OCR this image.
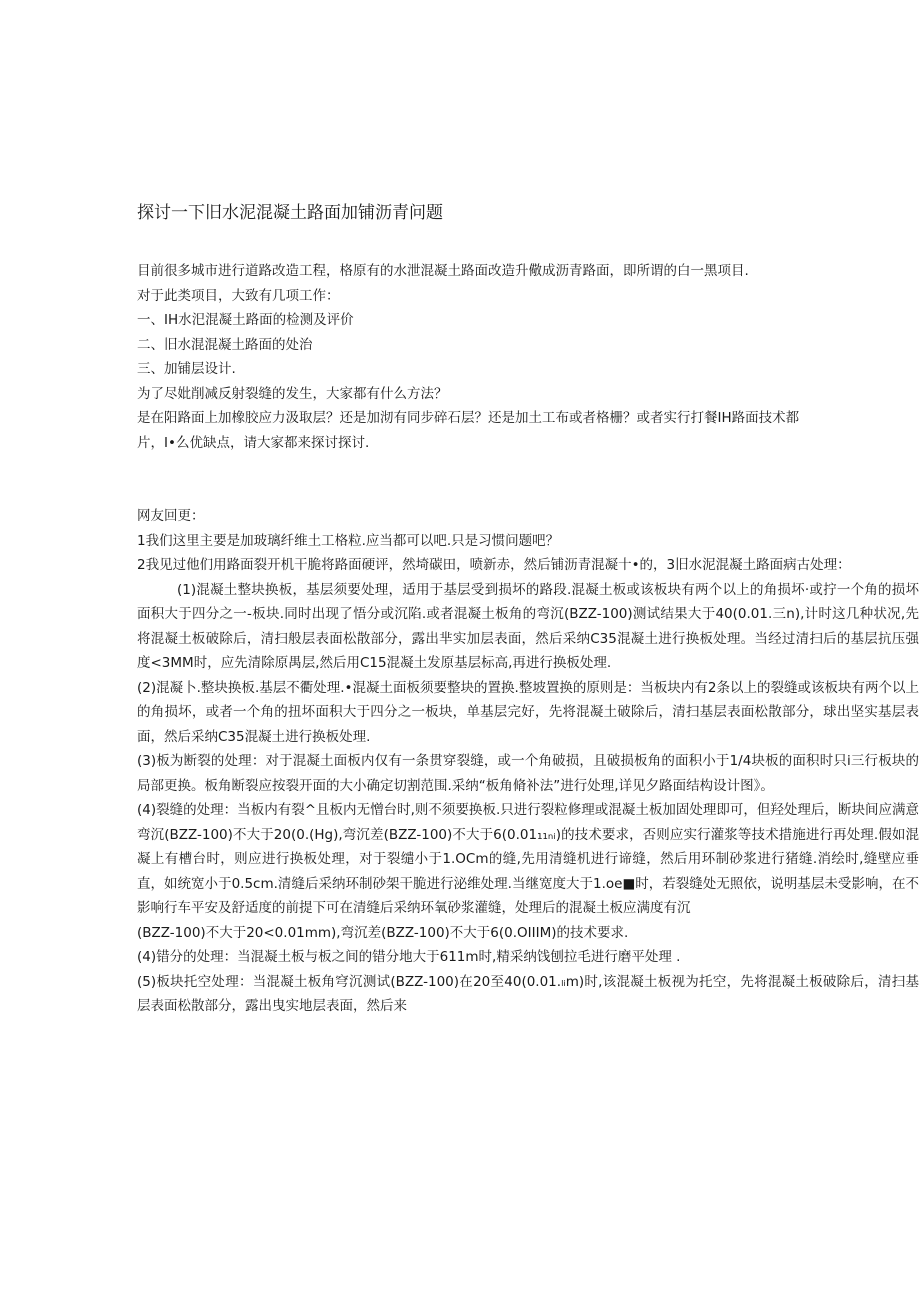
探讨一下旧水泥混凝土路面加铺沥青问题

目前很多城市进行道路改造工程，格原有的水泄混凝土路面改造升儆成沥青路面，即所谓的白一黑项目.

对于此类项目，大致有几项工作：

一、IH水汜混凝土路面的检测及评价

二、旧水混混凝土路面的处治

三、加铺层设计.

为了尽妣削减反射裂缝的发生，大家都有什么方法？

是在阳路面上加橡胶应力汲取层？还是加沏有同步碎石层？还是加土工布或者格栅？或者实行打餐IH路面技术都

片，I•么优缺点，请大家都来探讨探讨.

网友回更：

1我们这里主要是加玻璃纤维土工格粒.应当都可以吧.只是习惯问题吧？

2我见过他们用路面裂开机干脆将路面硬评，然埼碳田，喷新赤，然后铺沥青混凝十•的，3旧水泥混凝土路面病古处理：

(1)混凝土整块换板，基层须要处理，适用于基层受到损坏的路段.混凝土板或该板块有两个以上的角损坏·或拧一个角的损坏面积大于四分之一-板块.同时出现了悟分或沉陷.或者混凝土板角的弯沉(BZZ-100)测试结果大于40(0.01.三n),计时这几种状况,先将混凝土板破除后，清扫般层表面松散部分，露出芈实加层表面，然后采纳C35混凝土进行换板处理。当经过清扫后的基层抗压强度<3MM时，应先清除原禺层,然后用C15混凝土发原基层标高,再进行换板处理.

(2)混凝卜.整块换板.基层不衢处理.•混凝土面板须要整块的置换.整坡置换的原则是：当板块内有2条以上的裂缝或该板块有两个以上的角损坏，或者一个角的扭坏面积大于四分之一板块，单基层完好，先将混凝土破除后，清扫基层表面松散部分，球出坚实基层表面，然后采纳C35混凝土进行换板处理.

(3)板为断裂的处理：对于混凝土面板内仅有一条贯穿裂缝，或一个角破损，且破损板角的面积小于1/4块板的面积时只i三行板块的局部更换。板角断裂应按裂开面的大小确定切割范围.采纳“板角脩补法”进行处理,详见夕路面结构设计图》。

(4)裂缝的处理：当板内有裂^且板内无憎台时,则不须要换板.只进行裂粒修理或混凝土板加固处理即可，但羟处理后，断块间应满意弯沉(BZZ-100)不大于20(0.(Hg),弯沉差(BZZ-100)不大于6(0.01₁₁ₙᵢ)的技术要求，否则应实行灌浆等技术措施进行再处理.假如混凝上有槽台时，则应进行换板处理，对于裂缱小于1.OCm的缝,先用清缝机进行谛缝，然后用环制砂浆进行猪缝.消绘时,缝壁应垂直，如统宽小于0.5cm.清缝后采纳环制砂架干脆进行泌维处理.当继宽度大于1.oe■时，若裂缝处无照依，说明基层未受影响，在不影响行车平安及舒适度的前提下可在清缝后采纳环氧砂浆灌缝，处理后的混凝土板应满度有沉

(BZZ-100)不大于20<0.01mm),弯沉差(BZZ-100)不大于6(0.OIIIM)的技术要求.

(4)错分的处理：当混凝土板与板之间的错分地大于611m时,精采纳饯刨拉毛进行磨平处理 .

(5)板块托空处理：当混凝土板角穹沉测试(BZZ-100)在20至40(0.01.ₗᵢm)时,该混凝土板视为托空，先将混凝土板破除后，清扫基层表面松散部分，露出曳实地层表面，然后来
